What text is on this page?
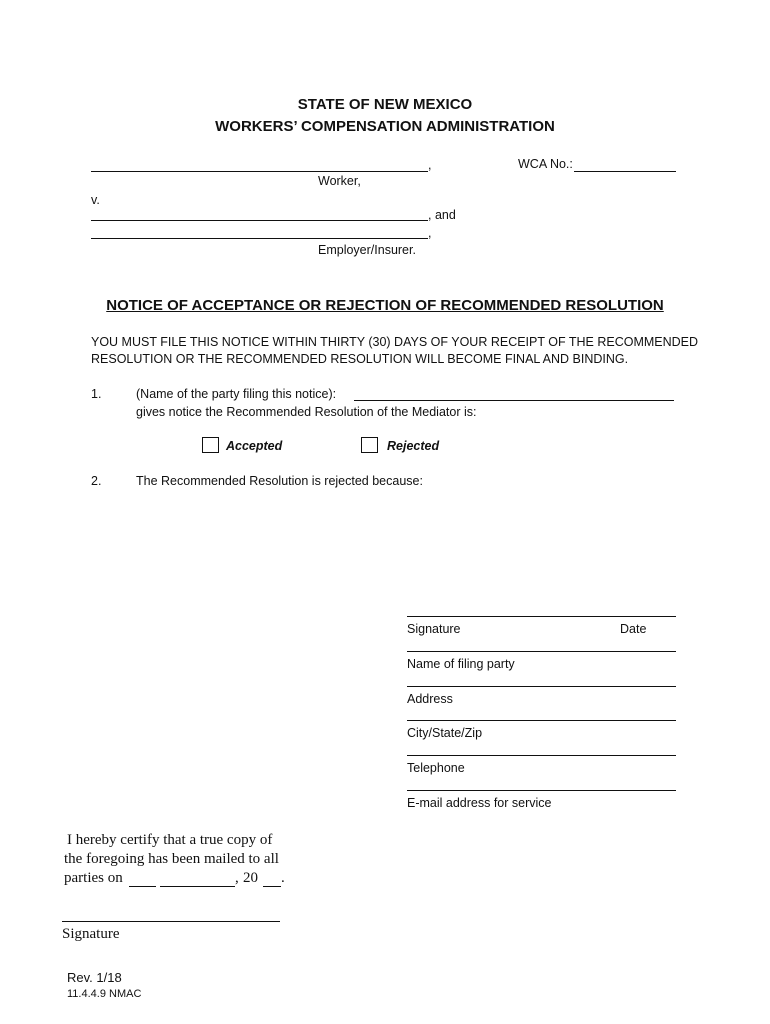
STATE OF NEW MEXICO
WORKERS’ COMPENSATION ADMINISTRATION
,
Worker,
WCA No.:
v.
, and
,
Employer/Insurer.
NOTICE OF ACCEPTANCE OR REJECTION OF RECOMMENDED RESOLUTION
YOU MUST FILE THIS NOTICE WITHIN THIRTY (30) DAYS OF YOUR RECEIPT OF THE RECOMMENDED
RESOLUTION OR THE RECOMMENDED RESOLUTION WILL BECOME FINAL AND BINDING.
1.	(Name of the party filing this notice):
gives notice the Recommended Resolution of the Mediator is:
Accepted	Rejected
2.	The Recommended Resolution is rejected because:
Signature	Date
Name of filing party
Address
City/State/Zip
Telephone
E-mail address for service
I hereby certify that a true copy of
the foregoing has been mailed to all
parties on	, 20 .
Signature
Rev. 1/18
11.4.4.9 NMAC
